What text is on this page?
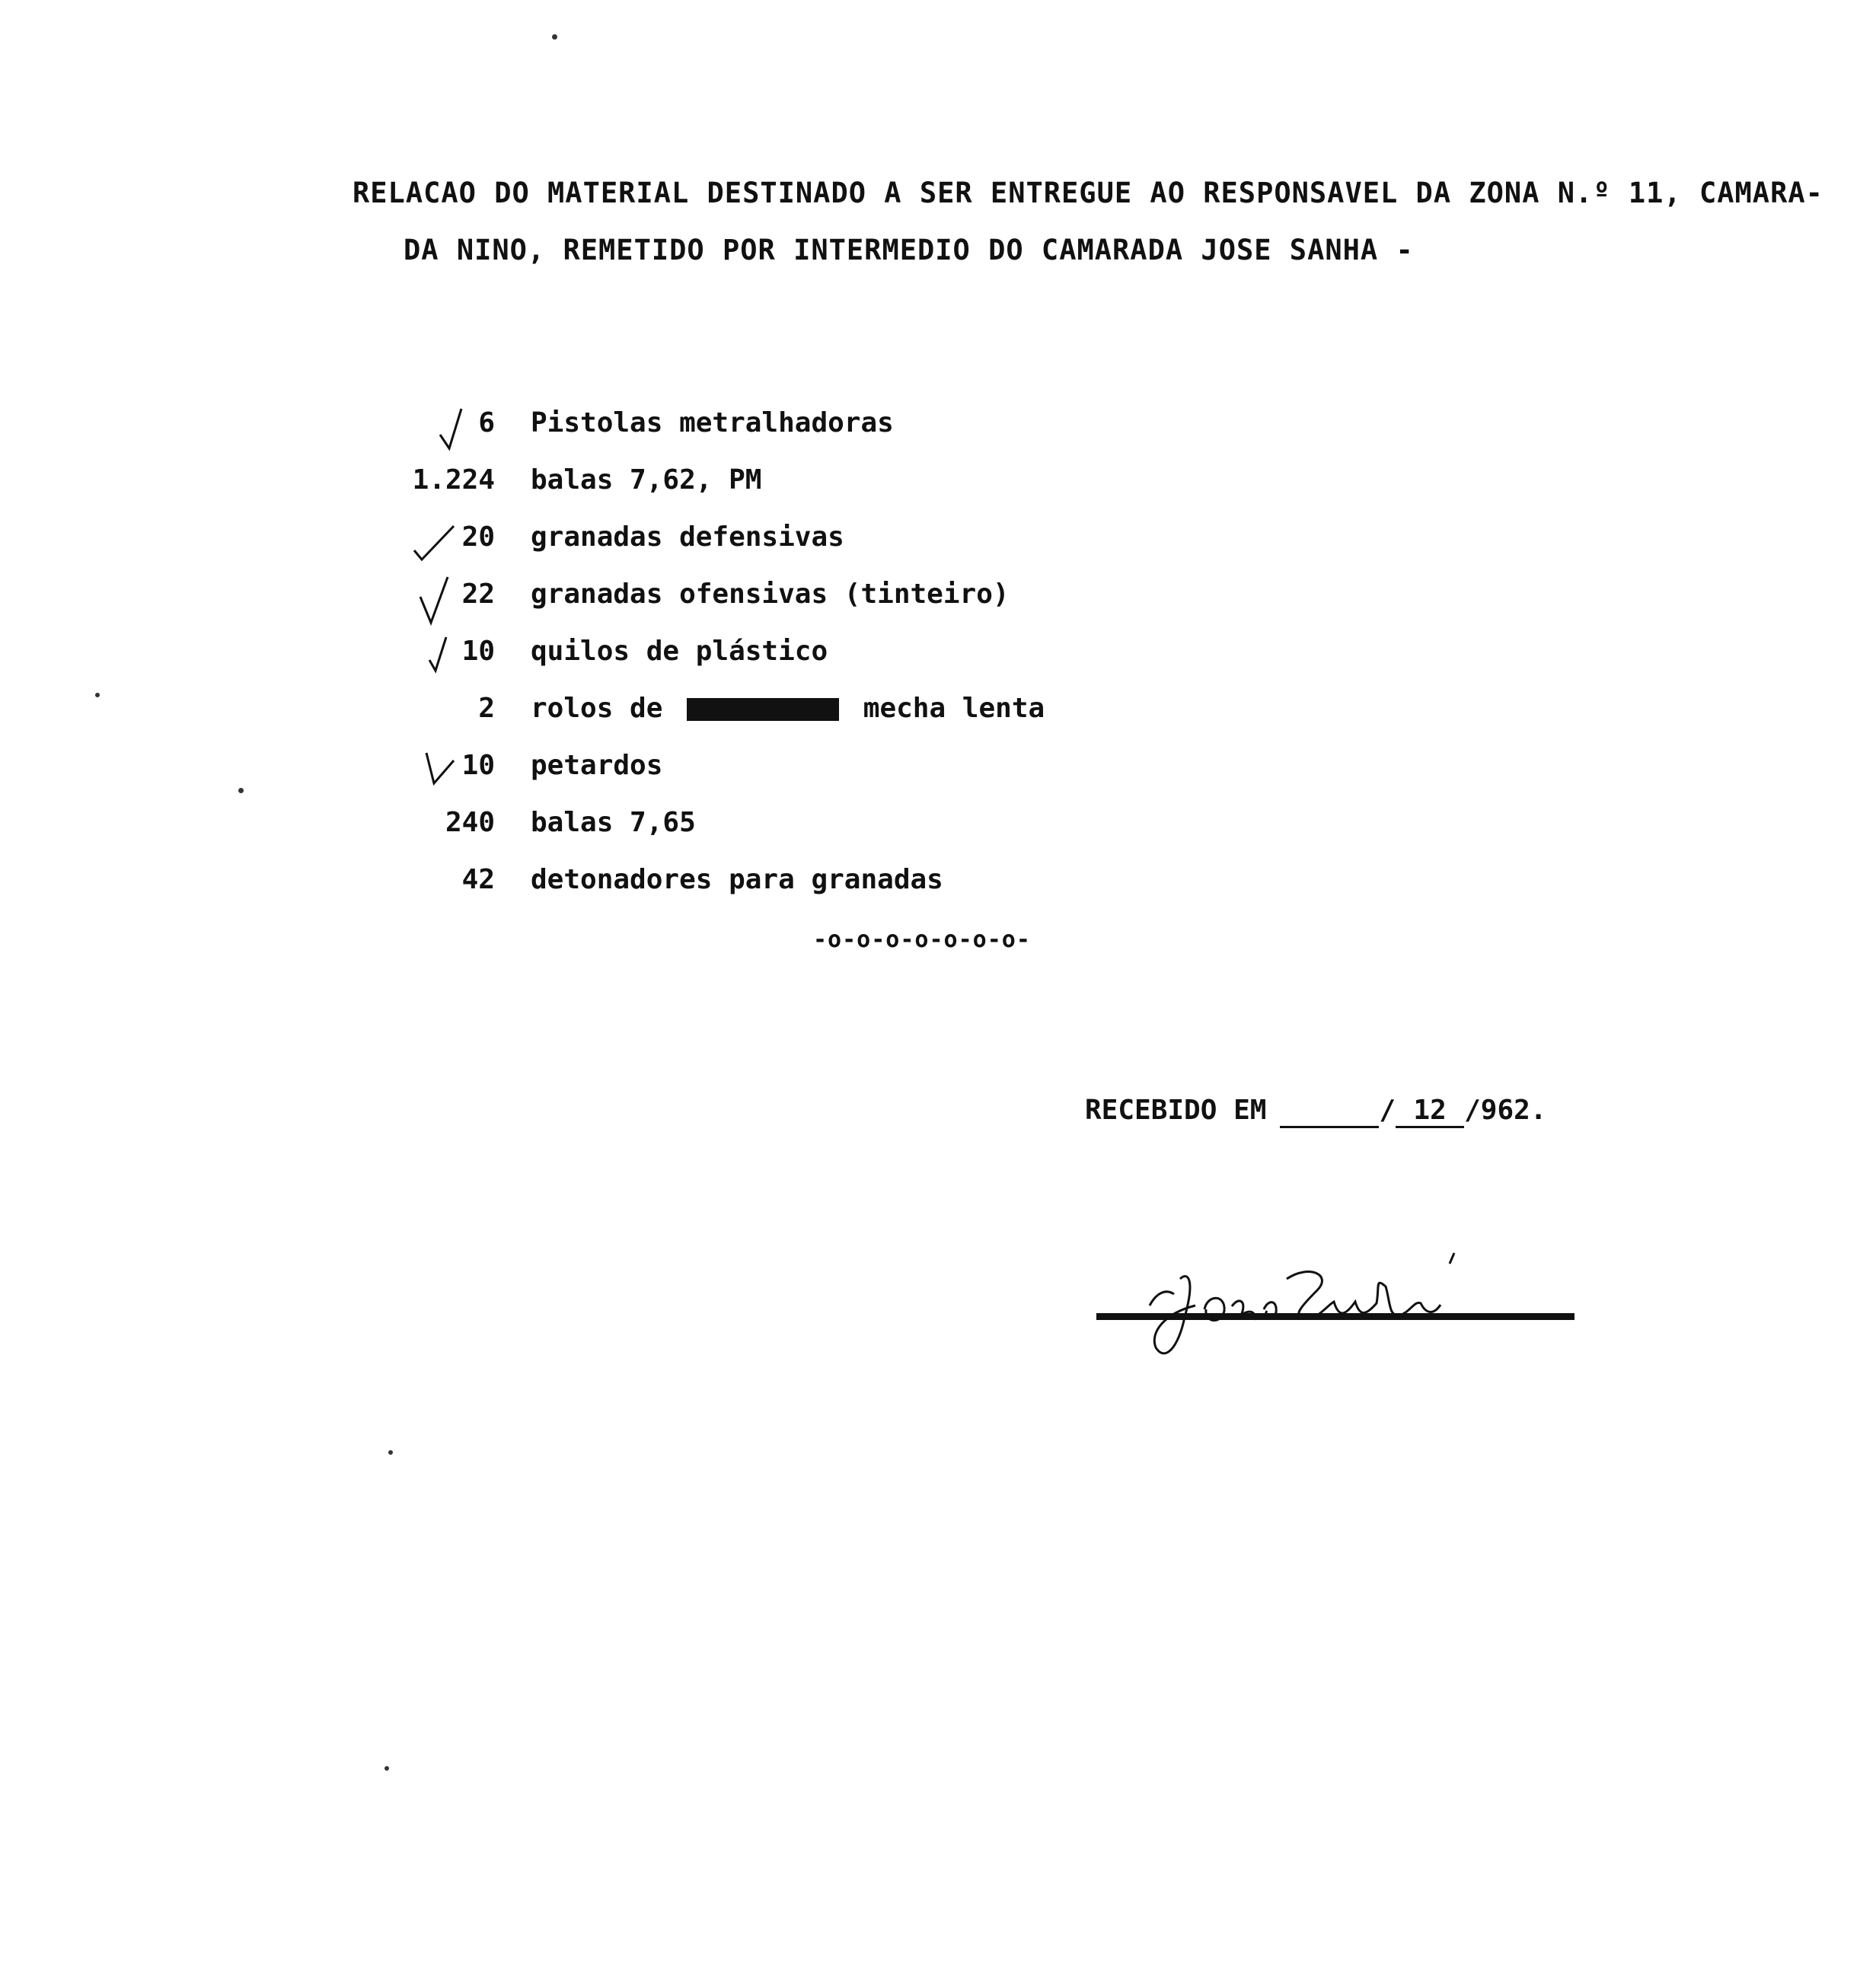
RELACAO DO MATERIAL DESTINADO A SER ENTREGUE AO RESPONSAVEL DA ZONA N.º 11, CAMARA-
DA NINO, REMETIDO POR INTERMEDIO DO CAMARADA JOSE SANHA -
6 Pistolas metralhadoras
1.224 balas 7,62, PM
20 granadas defensivas
22 granadas ofensivas (tinteiro)
10 quilos de plástico
2 rolos de	mecha lenta
10 petardos
240 balas 7,65
42 detonadores para granadas
-o-o-o-o-o-o-o-
RECEBIDO EM	/ 12 /962.
